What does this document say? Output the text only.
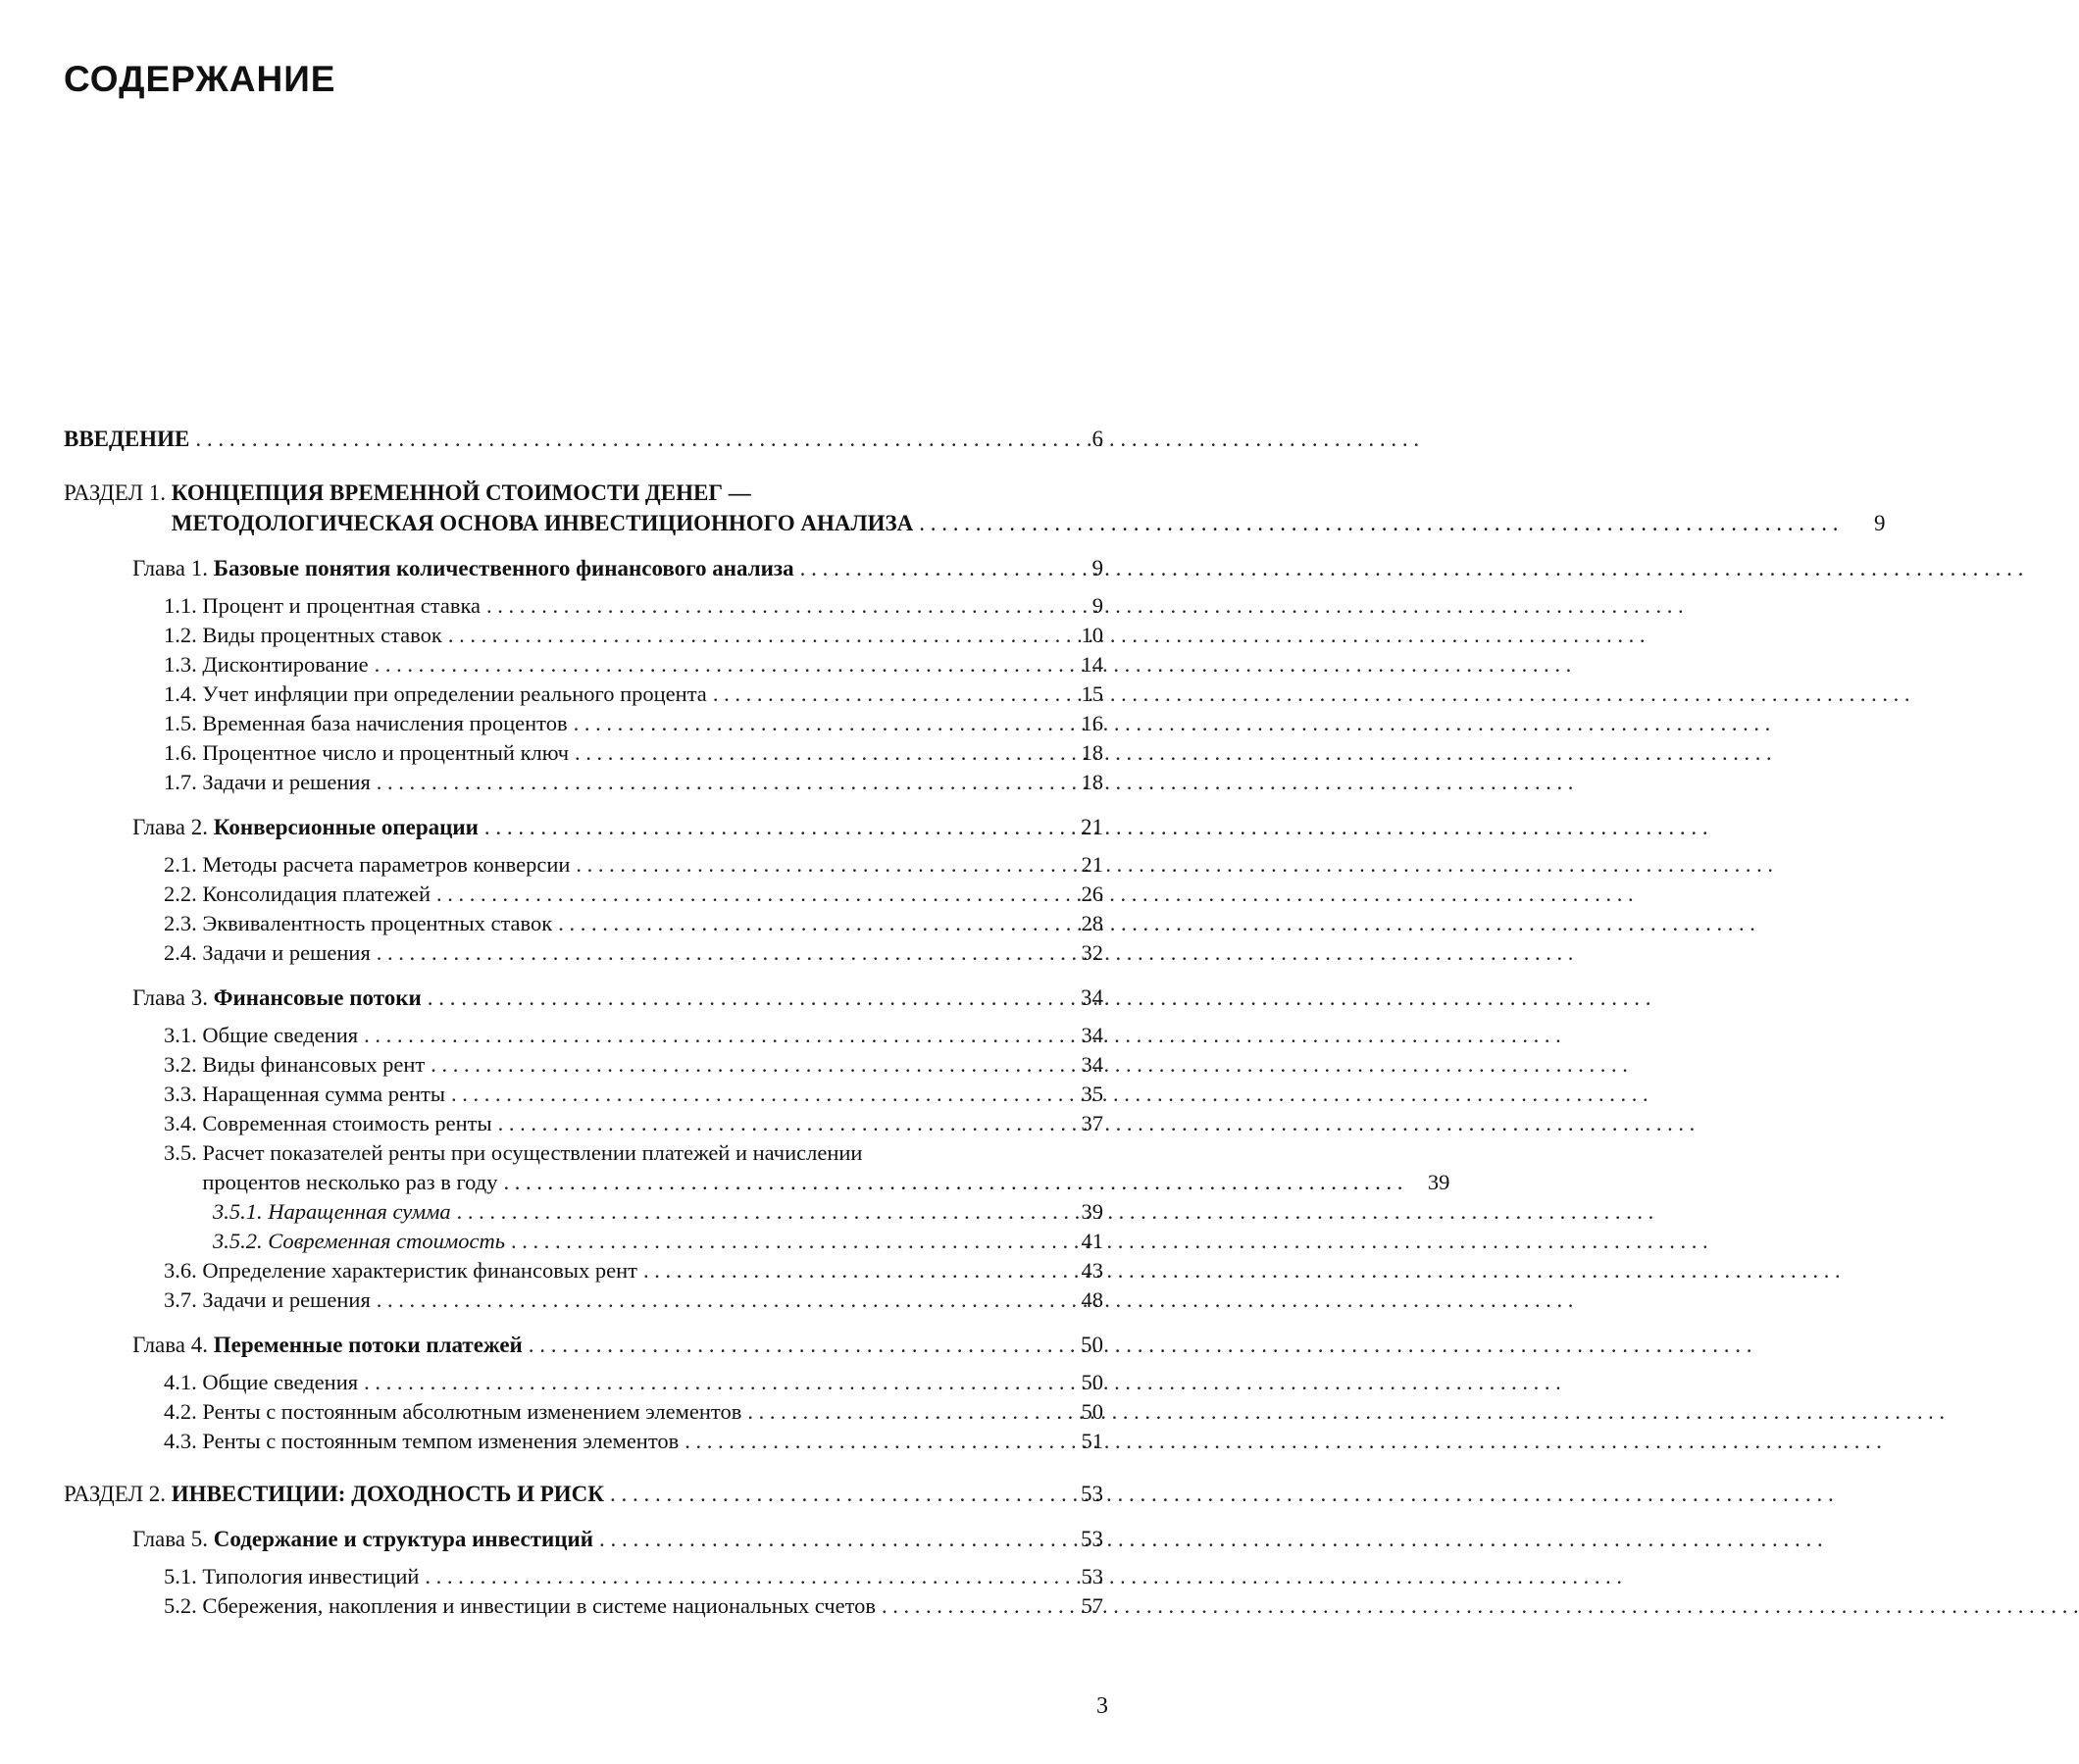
СОДЕРЖАНИЕ
ВВЕДЕНИЕ . . .	6
РАЗДЕЛ 1. КОНЦЕПЦИЯ ВРЕМЕННОЙ СТОИМОСТИ ДЕНЕГ —
МЕТОДОЛОГИЧЕСКАЯ ОСНОВА ИНВЕСТИЦИОННОГО АНАЛИЗА . . .	9
Глава 1. Базовые понятия количественного финансового анализа . . .	9
1.1. Процент и процентная ставка . . .	9
1.2. Виды процентных ставок . . .	10
1.3. Дисконтирование . . .	14
1.4. Учет инфляции при определении реального процента . . .	15
1.5. Временная база начисления процентов . . .	16
1.6. Процентное число и процентный ключ . . .	18
1.7. Задачи и решения . . .	18
Глава 2. Конверсионные операции . . .	21
2.1. Методы расчета параметров конверсии . . .	21
2.2. Консолидация платежей . . .	26
2.3. Эквивалентность процентных ставок . . .	28
2.4. Задачи и решения . . .	32
Глава 3. Финансовые потоки . . .	34
3.1. Общие сведения . . .	34
3.2. Виды финансовых рент . . .	34
3.3. Наращенная сумма ренты . . .	35
3.4. Современная стоимость ренты . . .	37
3.5. Расчет показателей ренты при осуществлении платежей и начислении
процентов несколько раз в году . . .	39
3.5.1. Наращенная сумма . . .	39
3.5.2. Современная стоимость . . .	41
3.6. Определение характеристик финансовых рент . . .	43
3.7. Задачи и решения . . .	48
Глава 4. Переменные потоки платежей . . .	50
4.1. Общие сведения . . .	50
4.2. Ренты с постоянным абсолютным изменением элементов . . .	50
4.3. Ренты с постоянным темпом изменения элементов . . .	51
РАЗДЕЛ 2. ИНВЕСТИЦИИ: ДОХОДНОСТЬ И РИСК . . .	53
Глава 5. Содержание и структура инвестиций . . .	53
5.1. Типология инвестиций . . .	53
5.2. Сбережения, накопления и инвестиции в системе национальных счетов . . .	57
3
